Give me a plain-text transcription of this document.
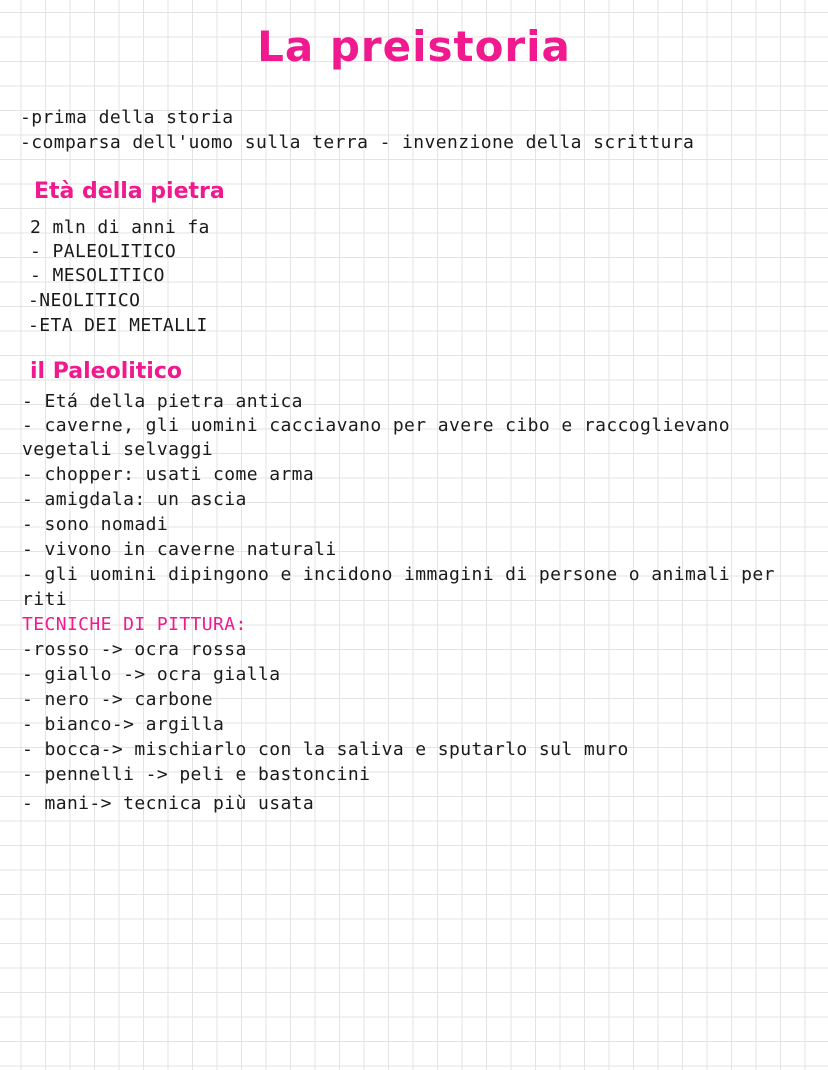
La preistoria
-prima della storia
-comparsa dell'uomo sulla terra - invenzione della scrittura
Età della pietra
2 mln di anni fa
- PALEOLITICO
- MESOLITICO
-NEOLITICO
-ETA DEI METALLI
il Paleolitico
- Etá della pietra antica
- caverne, gli uomini cacciavano per avere cibo e raccoglievano
vegetali selvaggi
- chopper: usati come arma
- amigdala: un ascia
- sono nomadi
- vivono in caverne naturali
- gli uomini dipingono e incidono immagini di persone o animali per
riti
TECNICHE DI PITTURA:
-rosso -> ocra rossa
- giallo -> ocra gialla
- nero -> carbone
- bianco-> argilla
- bocca-> mischiarlo con la saliva e sputarlo sul muro
- pennelli -> peli e bastoncini
- mani-> tecnica più usata
